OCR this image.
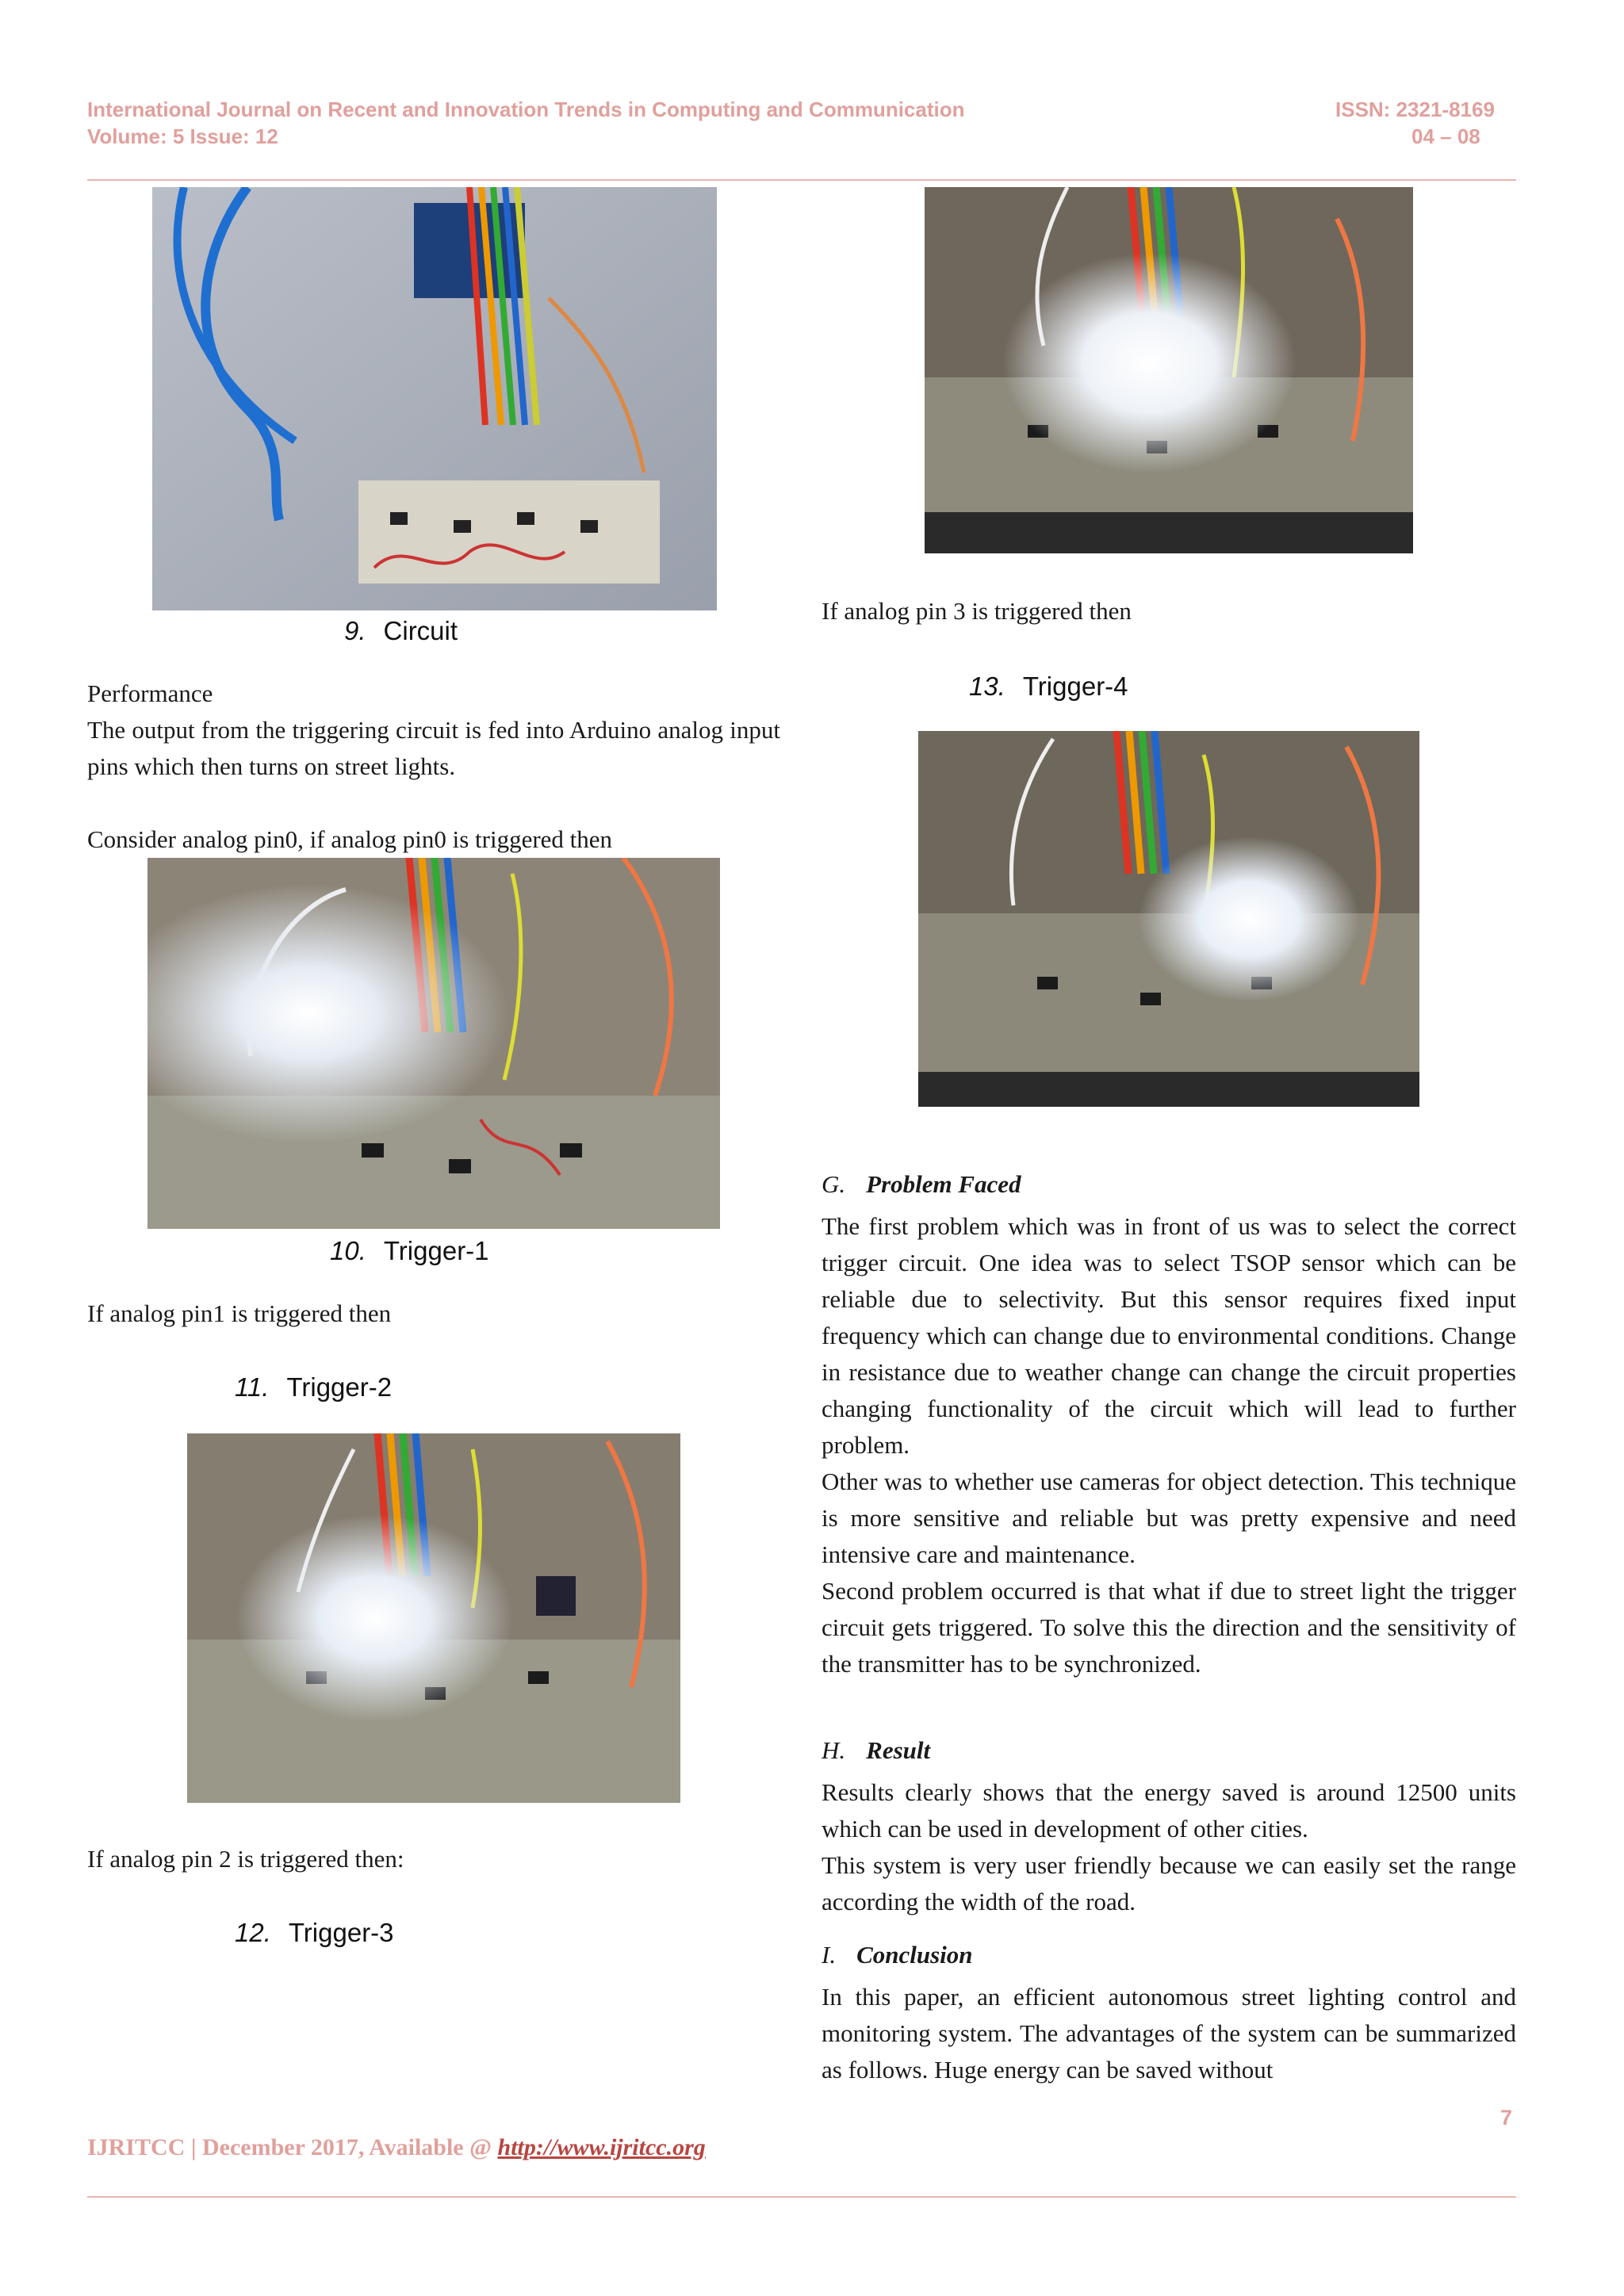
International Journal on Recent and Innovation Trends in Computing and Communication
Volume: 5 Issue: 12
ISSN: 2321-8169
04 – 08
9. Circuit
Performance
The output from the triggering circuit is fed into Arduino analog input pins which then turns on street lights.
Consider analog pin0, if analog pin0 is triggered then
10. Trigger-1
If analog pin1 is triggered then
11. Trigger-2
If analog pin 2 is triggered then:
12. Trigger-3
If analog pin 3 is triggered then
13. Trigger-4
G. Problem Faced
The first problem which was in front of us was to select the correct trigger circuit. One idea was to select TSOP sensor which can be reliable due to selectivity. But this sensor requires fixed input frequency which can change due to environmental conditions. Change in resistance due to weather change can change the circuit properties changing functionality of the circuit which will lead to further problem.
Other was to whether use cameras for object detection. This technique is more sensitive and reliable but was pretty expensive and need intensive care and maintenance.
Second problem occurred is that what if due to street light the trigger circuit gets triggered. To solve this the direction and the sensitivity of the transmitter has to be synchronized.
H. Result
Results clearly shows that the energy saved is around 12500 units which can be used in development of other cities.
This system is very user friendly because we can easily set the range according the width of the road.
I. Conclusion
In this paper, an efficient autonomous street lighting control and monitoring system. The advantages of the system can be summarized as follows. Huge energy can be saved without
7
IJRITCC | December 2017, Available @ http://www.ijritcc.org
